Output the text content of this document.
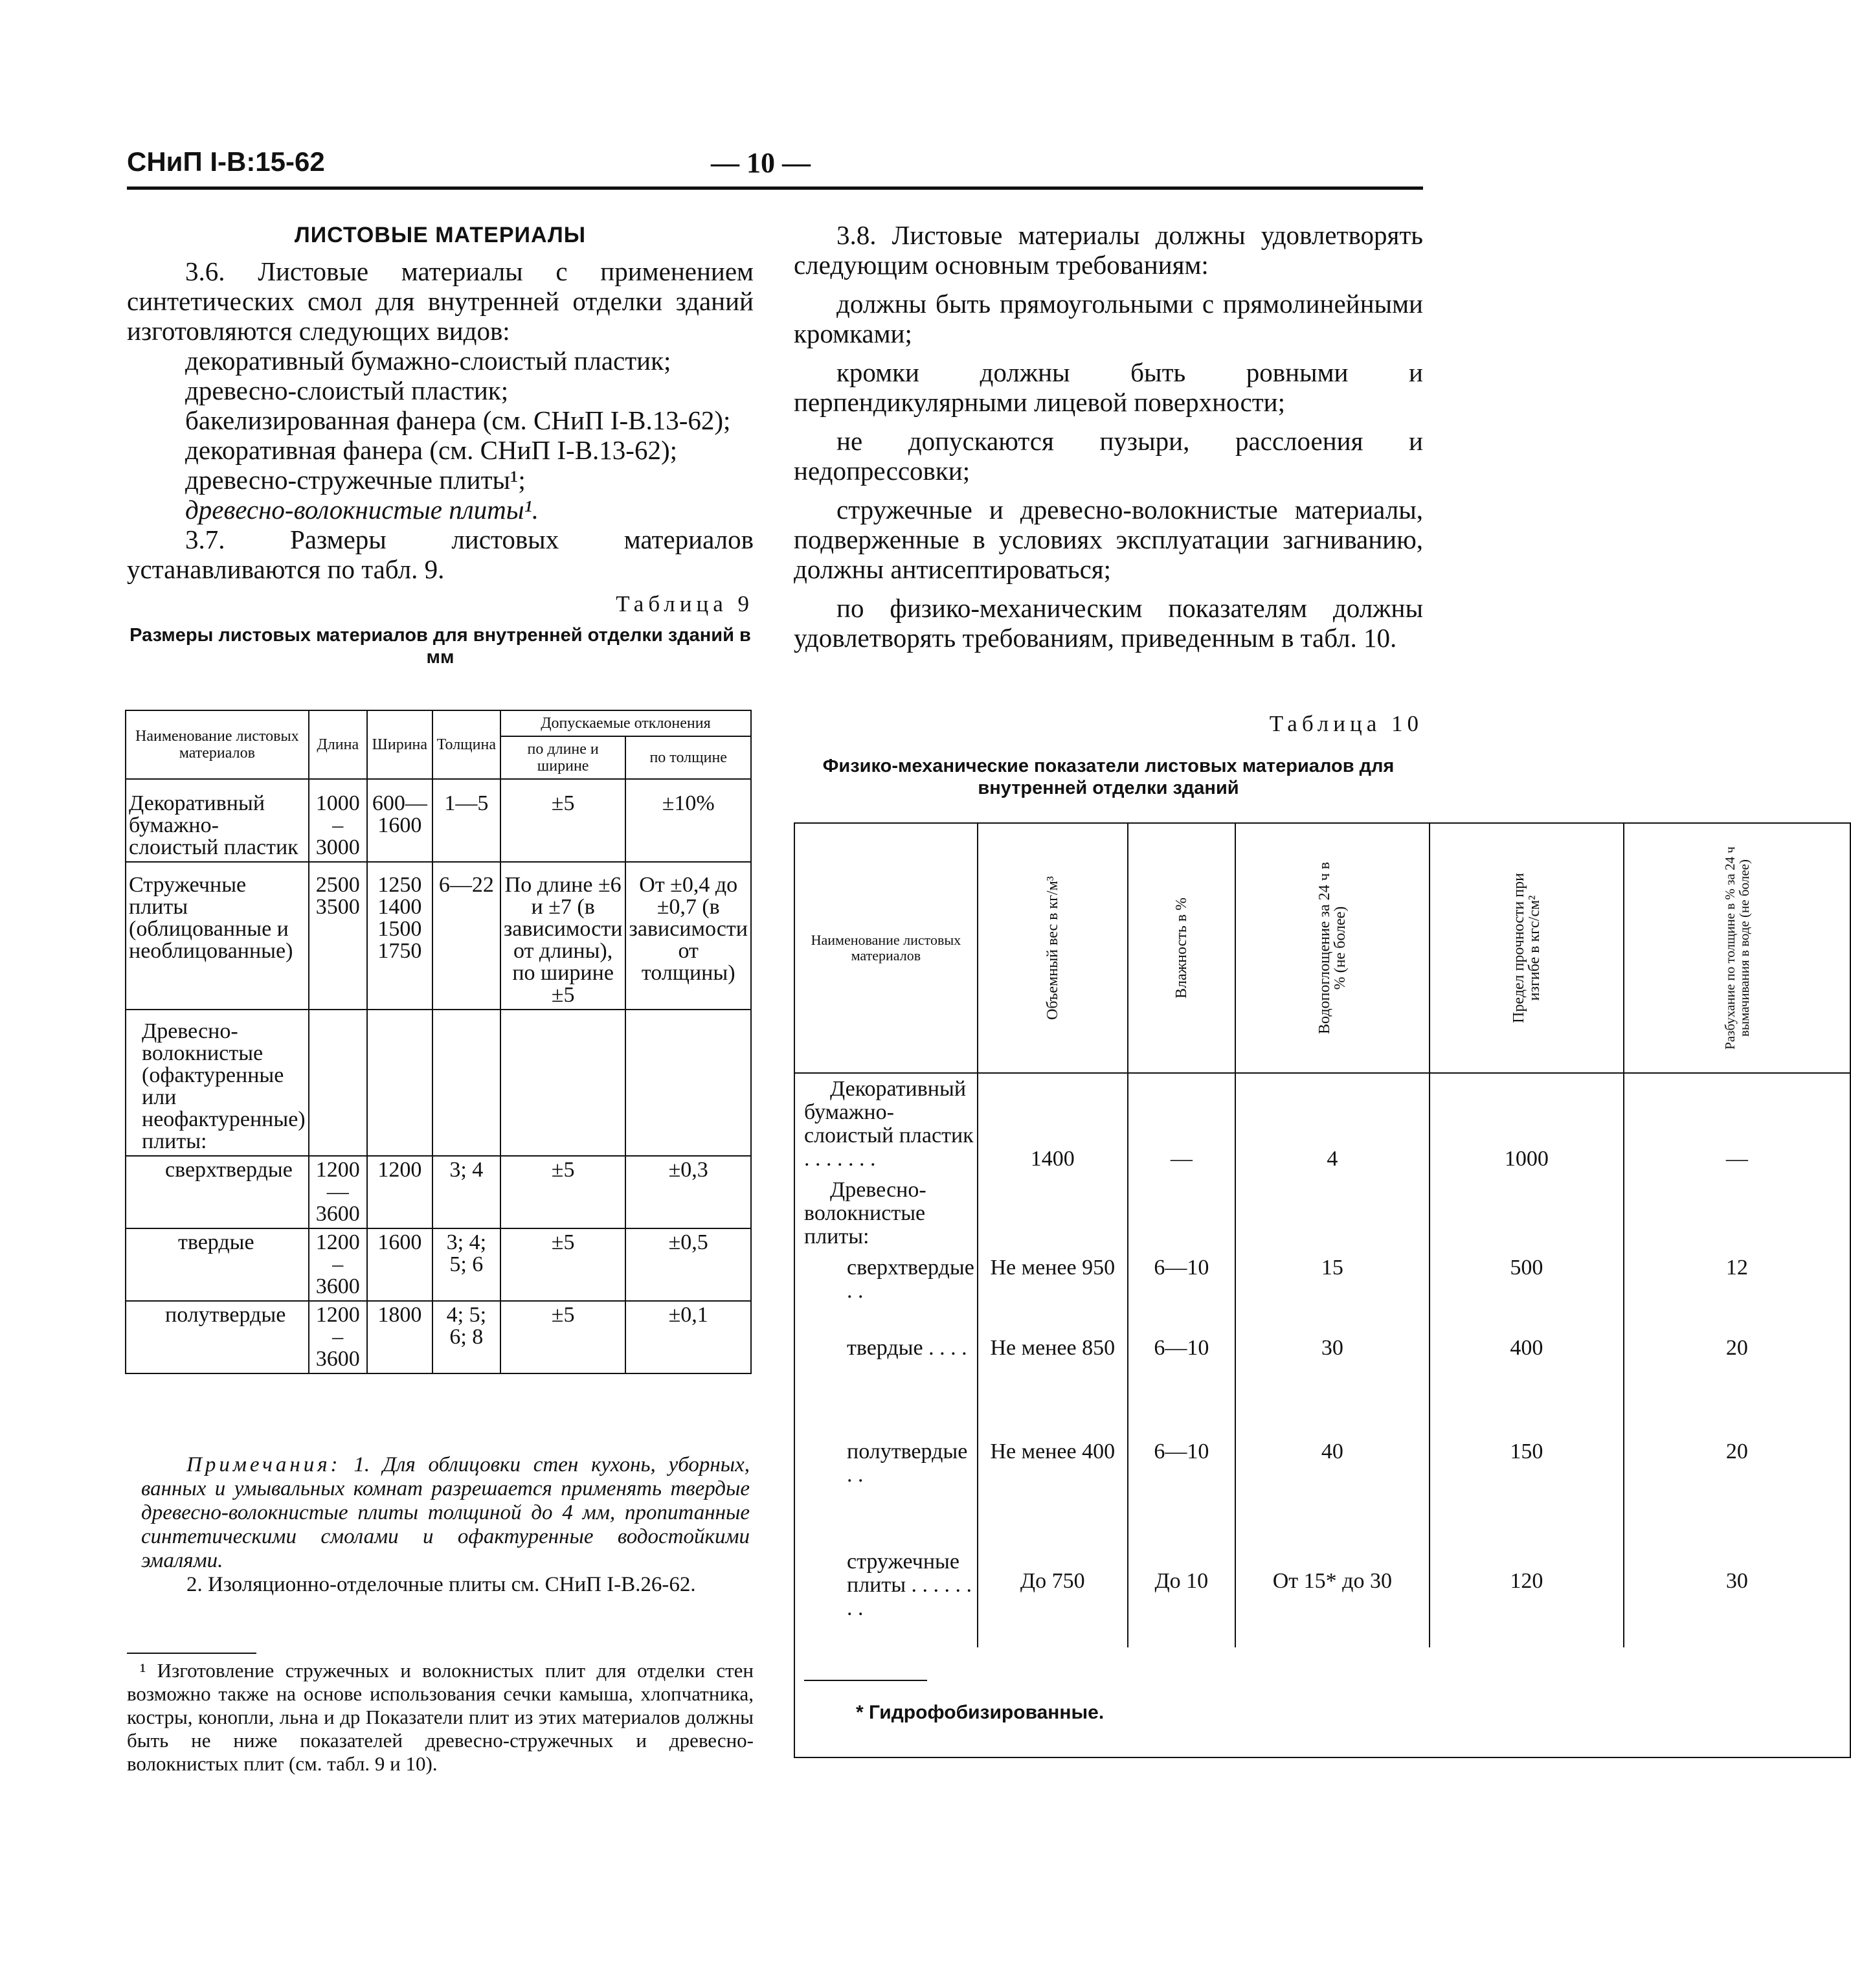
СНиП I-В:15-62	— 10 —
ЛИСТОВЫЕ МАТЕРИАЛЫ

3.6. Листовые материалы с применением синтетических смол для внутренней отделки зданий изготовляются следующих видов:

декоративный бумажно-слоистый пластик;

древесно-слоистый пластик;

бакелизированная фанера (см. СНиП I-В.13-62);

декоративная фанера (см. СНиП I-В.13-62);

древесно-стружечные плиты¹;

древесно-волокнистые плиты¹.

3.7. Размеры листовых материалов устанавливаются по табл. 9.

Таблица 9
Размеры листовых материалов для внутренней отделки зданий в мм
Наименование листовых материалов	Длина	Ширина	Толщина	Допускаемые отклонения	
				по длине и ширине	по толщине
Декоративный бумажно-слоистый пластик	1000 – 3000	600— 1600	1—5	±5	±10%
Стружечные плиты (облицованные и необлицованные)	2500 3500	1250 1400 1500 1750	6—22	По длине ±6 и ±7 (в зависимости от длины), по ширине ±5	От ±0,4 до ±0,7 (в зависимости от толщины)
Древесно-волокнистые (офактуренные или неофактуренные) плиты:					
сверхтвердые	1200— 3600	1200	3; 4	±5	±0,3
твердые	1200 – 3600	1600	3; 4; 5; 6	±5	±0,5
полутвердые	1200 – 3600	1800	4; 5; 6; 8	±5	±0,1
Примечания: 1. Для облицовки стен кухонь, уборных, ванных и умывальных комнат разрешается применять твердые древесно-волокнистые плиты толщиной до 4 мм, пропитанные синтетическими смолами и офактуренные водостойкими эмалями.
2. Изоляционно-отделочные плиты см. СНиП I-В.26-62.
¹ Изготовление стружечных и волокнистых плит для отделки стен возможно также на основе использования сечки камыша, хлопчатника, костры, конопли, льна и др Показатели плит из этих материалов должны быть не ниже показателей древесно-стружечных и древесно-волокнистых плит (см. табл. 9 и 10).

3.8. Листовые материалы должны удовлетворять следующим основным требованиям:

должны быть прямоугольными с прямолинейными кромками;

кромки должны быть ровными и перпендикулярными лицевой поверхности;

не допускаются пузыри, расслоения и недопрессовки;

стружечные и древесно-волокнистые материалы, подверженные в условиях эксплуатации загниванию, должны антисептироваться;

по физико-механическим показателям должны удовлетворять требованиям, приведенным в табл. 10.

Таблица 10
Физико-механические показатели листовых материалов для внутренней отделки зданий
Наименование листовых материалов	Объемный вес в кг/м³	Влажность в %	Водопоглощение за 24 ч в % (не более)	Предел прочности при изгибе в кгс/см²	Разбухание по толщине в % за 24 ч вымачивания в воде (не более)
Декоративный бумажно-слоистый пластик . . . . . . .	1400	—	4	1000	—
Древесно-волокнистые плиты:					
сверхтвердые . .	Не менее 950	6—10	15	500	12
твердые . . . .	Не менее 850	6—10	30	400	20
полутвердые . .	Не менее 400	6—10	40	150	20
стружечные плиты . . . . . . . .	До 750	До 10	От 15* до 30	120	30

* Гидрофобизированные.					
